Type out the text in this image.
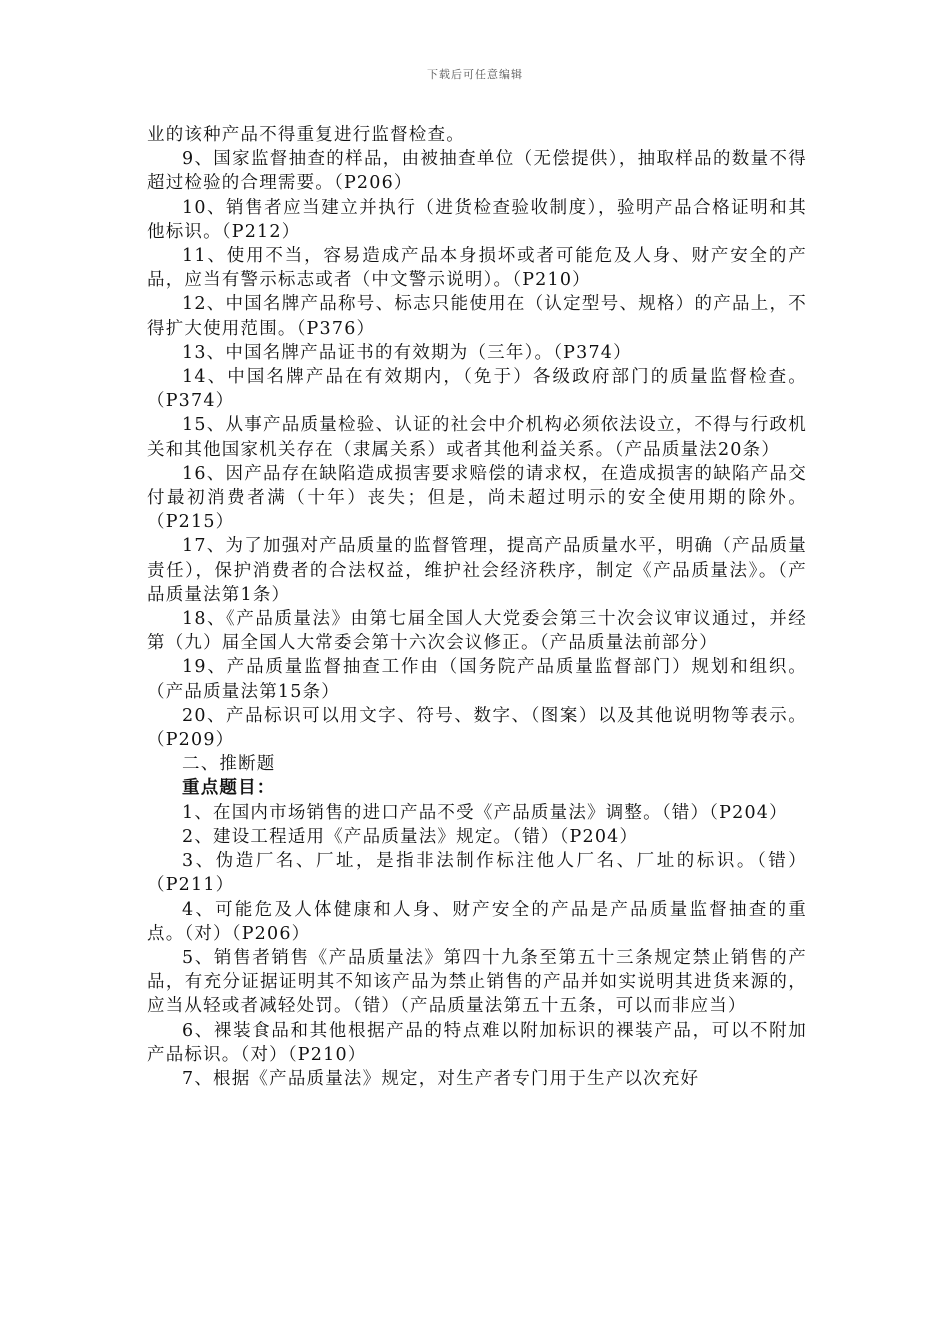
下载后可任意编辑

业的该种产品不得重复进行监督检查。

9、国家监督抽查的样品，由被抽查单位（无偿提供），抽取样品的数量不得超过检验的合理需要。（P206）

10、销售者应当建立并执行（进货检查验收制度），验明产品合格证明和其他标识。（P212）

11、使用不当，容易造成产品本身损坏或者可能危及人身、财产安全的产品，应当有警示标志或者（中文警示说明）。（P210）

12、中国名牌产品称号、标志只能使用在（认定型号、规格）的产品上，不得扩大使用范围。（P376）

13、中国名牌产品证书的有效期为（三年）。（P374）

14、中国名牌产品在有效期内，（免于）各级政府部门的质量监督检查。（P374）

15、从事产品质量检验、认证的社会中介机构必须依法设立，不得与行政机关和其他国家机关存在（隶属关系）或者其他利益关系。（产品质量法20条）

16、因产品存在缺陷造成损害要求赔偿的请求权，在造成损害的缺陷产品交付最初消费者满（十年）丧失；但是，尚未超过明示的安全使用期的除外。（P215）

17、为了加强对产品质量的监督管理，提高产品质量水平，明确（产品质量责任），保护消费者的合法权益，维护社会经济秩序，制定《产品质量法》。（产品质量法第1条）

18、《产品质量法》由第七届全国人大党委会第三十次会议审议通过，并经第（九）届全国人大常委会第十六次会议修正。（产品质量法前部分）

19、产品质量监督抽查工作由（国务院产品质量监督部门）规划和组织。（产品质量法第15条）

20、产品标识可以用文字、符号、数字、（图案）以及其他说明物等表示。（P209）

二、推断题

重点题目：

1、在国内市场销售的进口产品不受《产品质量法》调整。（错）（P204）

2、建设工程适用《产品质量法》规定。（错）（P204）

3、伪造厂名、厂址，是指非法制作标注他人厂名、厂址的标识。（错）（P211）

4、可能危及人体健康和人身、财产安全的产品是产品质量监督抽查的重点。（对）（P206）

5、销售者销售《产品质量法》第四十九条至第五十三条规定禁止销售的产品，有充分证据证明其不知该产品为禁止销售的产品并如实说明其进货来源的，应当从轻或者减轻处罚。（错）（产品质量法第五十五条，可以而非应当）

6、裸装食品和其他根据产品的特点难以附加标识的裸装产品，可以不附加产品标识。（对）（P210）

7、根据《产品质量法》规定，对生产者专门用于生产以次充好
